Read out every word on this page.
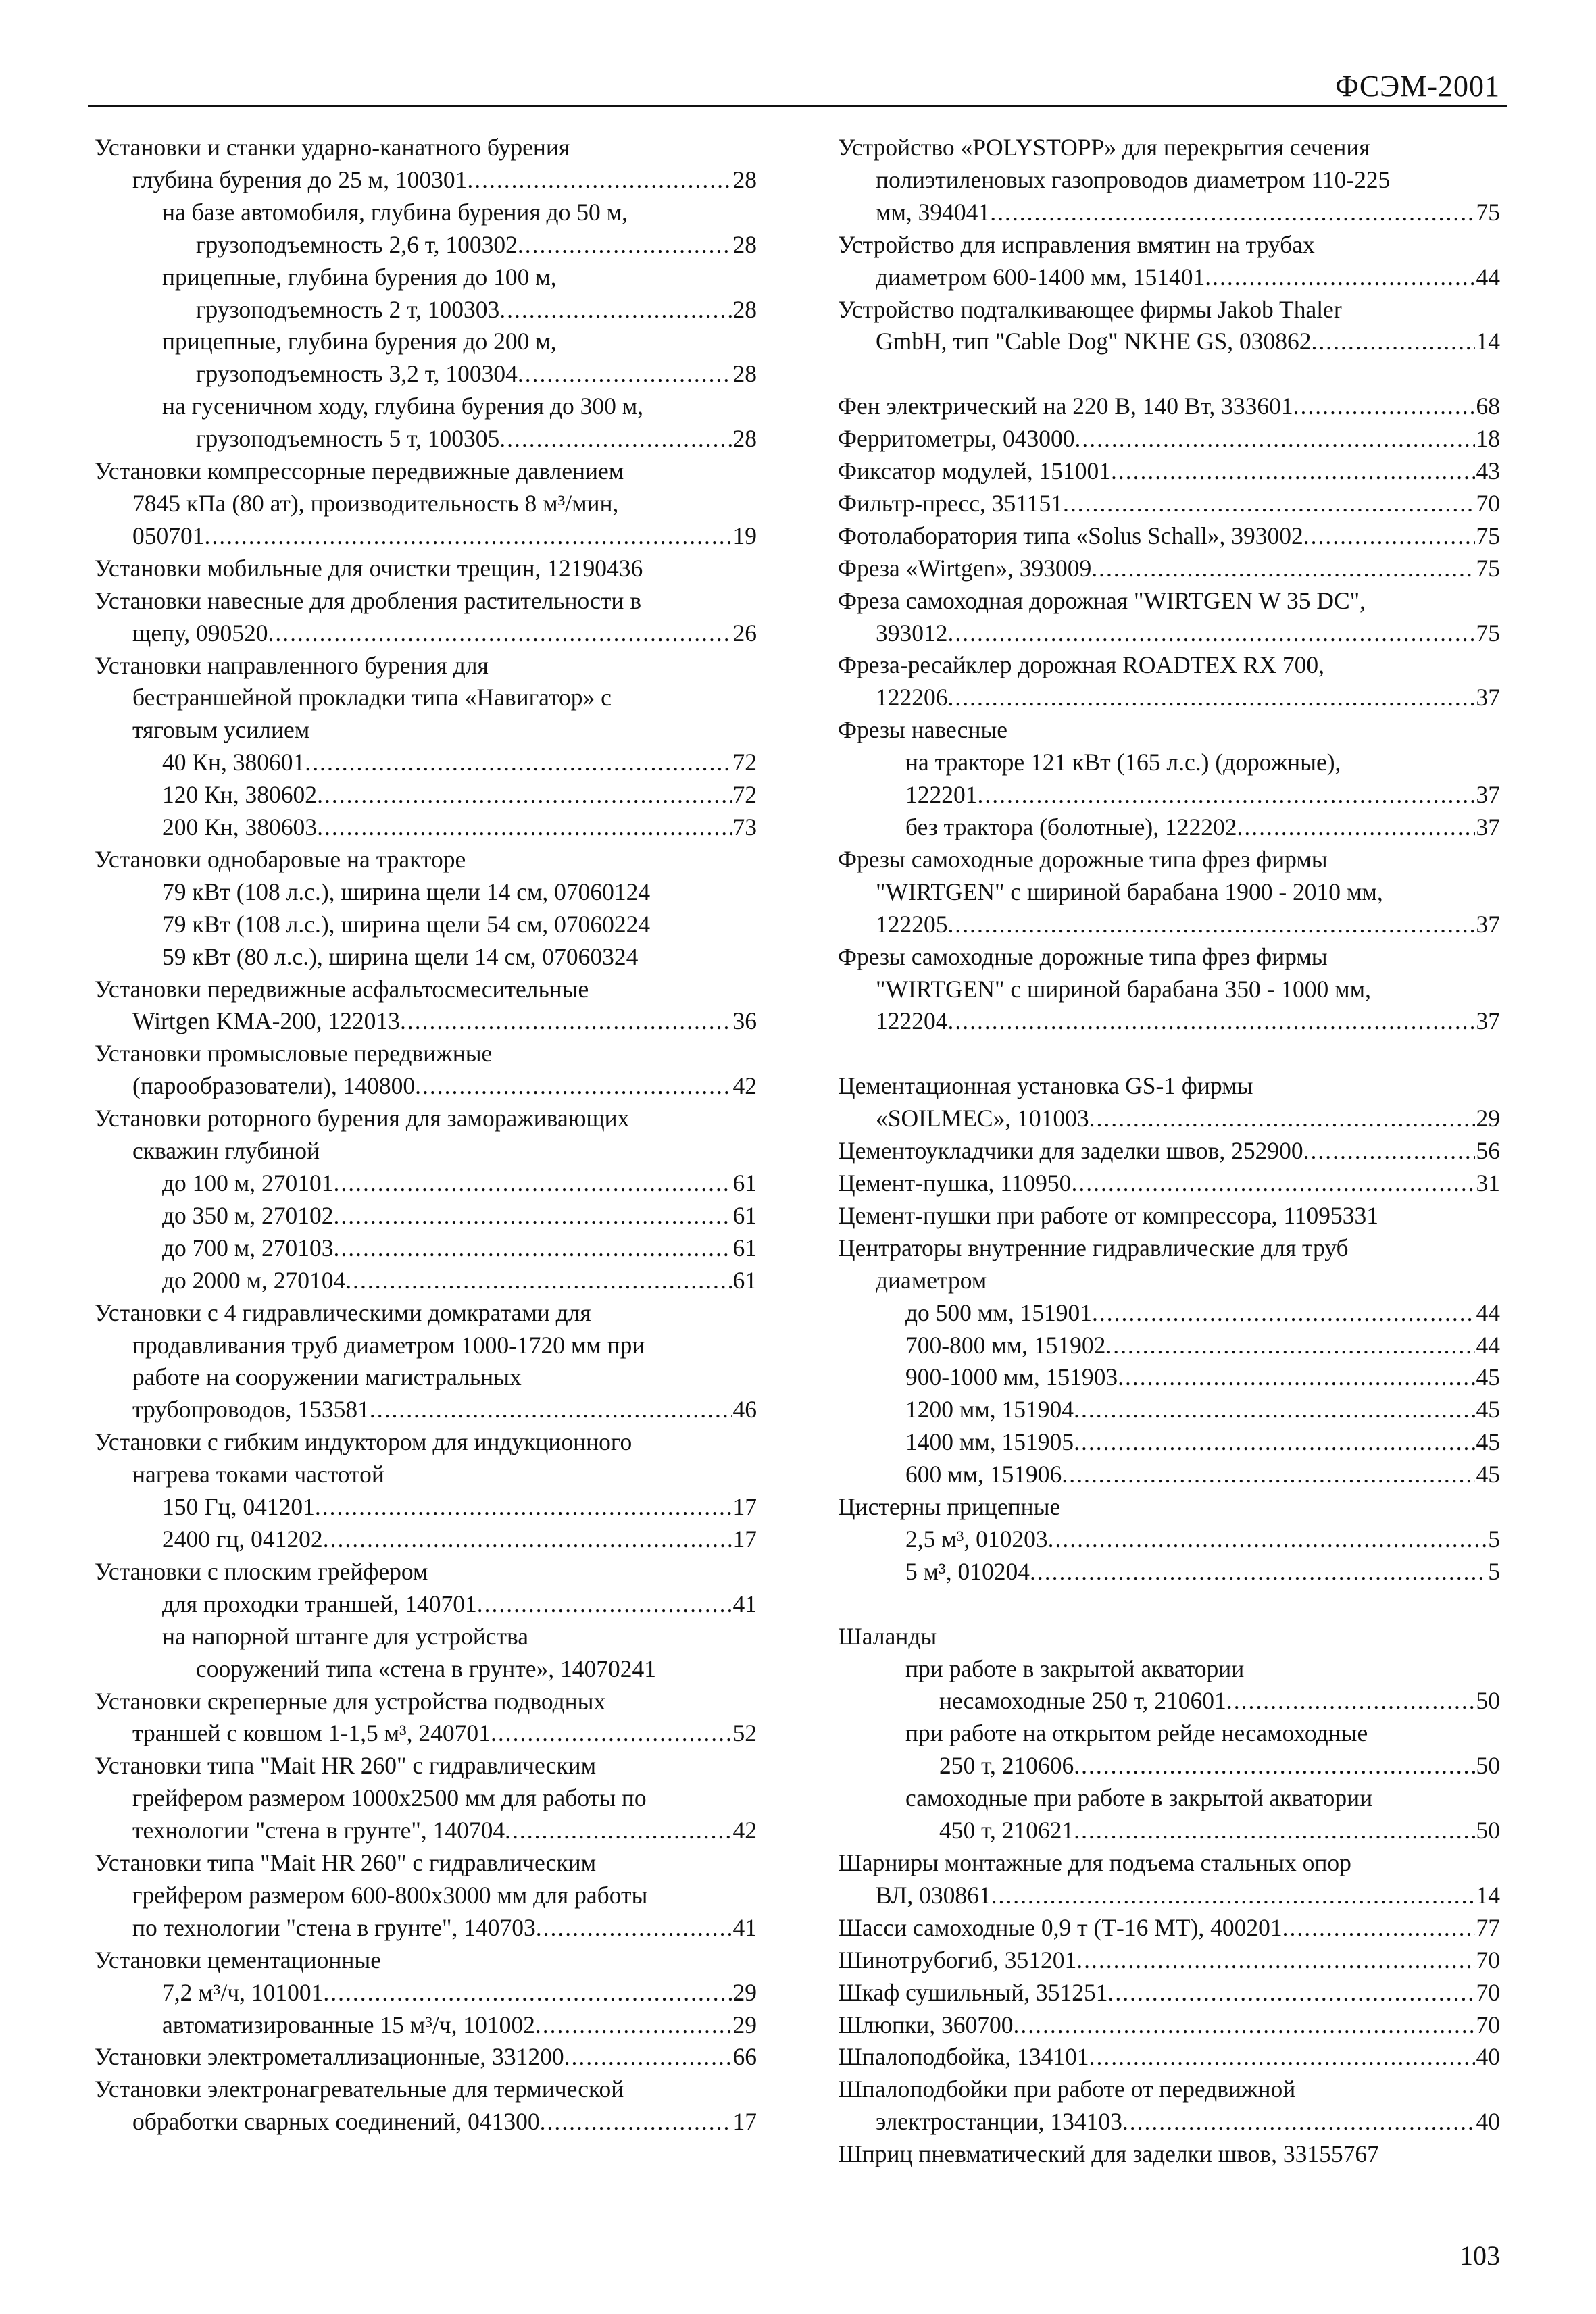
ФСЭМ-2001
Установки и станки ударно-канатного бурения
глубина бурения до 25 м, 100301 .....	28
на базе автомобиля, глубина бурения до 50 м,
грузоподъемность 2,6 т, 100302 .....	28
прицепные, глубина бурения до 100 м,
грузоподъемность 2 т, 100303 .....	28
прицепные, глубина бурения до 200 м,
грузоподъемность 3,2 т, 100304 .....	28
на гусеничном ходу, глубина бурения до 300 м,
грузоподъемность 5 т, 100305 .....	28
Установки компрессорные передвижные давлением
7845 кПа (80 ат), производительность 8 м³/мин,
050701 .....	19
Установки мобильные для очистки трещин, 12190436
Установки навесные для дробления растительности в
щепу, 090520 .....	26
Установки направленного бурения для
бестраншейной прокладки типа «Навигатор» с
тяговым усилием
40 Кн, 380601 .....	72
120 Кн, 380602 .....	72
200 Кн, 380603 .....	73
Установки однобаровые на тракторе
79 кВт (108 л.с.), ширина щели 14 см, 07060124
79 кВт (108 л.с.), ширина щели 54 см, 07060224
59 кВт (80 л.с.), ширина щели 14 см, 07060324
Установки передвижные асфальтосмесительные
Wirtgen KMA-200, 122013 .....	36
Установки промысловые передвижные
(парообразователи), 140800 .....	42
Установки роторного бурения для замораживающих
скважин глубиной
до 100 м, 270101 .....	61
до 350 м, 270102 .....	61
до 700 м, 270103 .....	61
до 2000 м, 270104 .....	61
Установки с 4 гидравлическими домкратами для
продавливания труб диаметром 1000-1720 мм при
работе на сооружении магистральных
трубопроводов, 153581 .....	46
Установки с гибким индуктором для индукционного
нагрева токами частотой
150 Гц, 041201 .....	17
2400 гц, 041202 .....	17
Установки с плоским грейфером
для проходки траншей, 140701 .....	41
на напорной штанге для устройства
сооружений типа «стена в грунте», 14070241
Установки скреперные для устройства подводных
траншей с ковшом 1-1,5 м³, 240701 .....	52
Установки типа "Mait HR 260" с гидравлическим
грейфером размером 1000х2500 мм для работы по
технологии "стена в грунте", 140704 .....	42
Установки типа "Mait HR 260" с гидравлическим
грейфером размером 600-800х3000 мм для работы
по технологии "стена в грунте", 140703 .....	41
Установки цементационные
7,2 м³/ч, 101001 .....	29
автоматизированные 15 м³/ч, 101002 .....	29
Установки электрометаллизационные, 331200 .....	66
Установки электронагревательные для термической
обработки сварных соединений, 041300 .....	17
Устройство «POLYSTOPP» для перекрытия сечения
полиэтиленовых газопроводов диаметром 110-225
мм, 394041 .....	75
Устройство для исправления вмятин на трубах
диаметром 600-1400 мм, 151401 .....	44
Устройство подталкивающее фирмы Jakob Thaler
GmbH, тип "Cable Dog" NKHE GS, 030862 .....	14
Фен электрический на 220 В, 140 Вт, 333601 .....	68
Ферритометры, 043000 .....	18
Фиксатор модулей, 151001 .....	43
Фильтр-пресс, 351151 .....	70
Фотолаборатория типа «Solus Schall», 393002 .....	75
Фреза «Wirtgen», 393009 .....	75
Фреза самоходная дорожная "WIRTGEN W 35 DC",
393012 .....	75
Фреза-ресайклер дорожная ROADTEX RX 700,
122206 .....	37
Фрезы навесные
на тракторе 121 кВт (165 л.с.) (дорожные),
122201 .....	37
без трактора (болотные), 122202 .....	37
Фрезы самоходные дорожные типа фрез фирмы
"WIRTGEN" с шириной барабана 1900 - 2010 мм,
122205 .....	37
Фрезы самоходные дорожные типа фрез фирмы
"WIRTGEN" с шириной барабана 350 - 1000 мм,
122204 .....	37
Цементационная установка GS-1 фирмы
«SOILMEC», 101003 .....	29
Цементоукладчики для заделки швов, 252900 .....	56
Цемент-пушка, 110950 .....	31
Цемент-пушки при работе от компрессора, 11095331
Центраторы внутренние гидравлические для труб
диаметром
до 500 мм, 151901 .....	44
700-800 мм, 151902 .....	44
900-1000 мм, 151903 .....	45
1200 мм, 151904 .....	45
1400 мм, 151905 .....	45
600 мм, 151906 .....	45
Цистерны прицепные
2,5 м³, 010203 .....	5
5 м³, 010204 .....	5
Шаланды
при работе в закрытой акватории
несамоходные 250 т, 210601 .....	50
при работе на открытом рейде несамоходные
250 т, 210606 .....	50
самоходные при работе в закрытой акватории
450 т, 210621 .....	50
Шарниры монтажные для подъема стальных опор
ВЛ, 030861 .....	14
Шасси самоходные 0,9 т (Т-16 МТ), 400201 .....	77
Шинотрубогиб, 351201 .....	70
Шкаф сушильный, 351251 .....	70
Шлюпки, 360700 .....	70
Шпалоподбойка, 134101 .....	40
Шпалоподбойки при работе от передвижной
электростанции, 134103 .....	40
Шприц пневматический для заделки швов, 33155767
103
